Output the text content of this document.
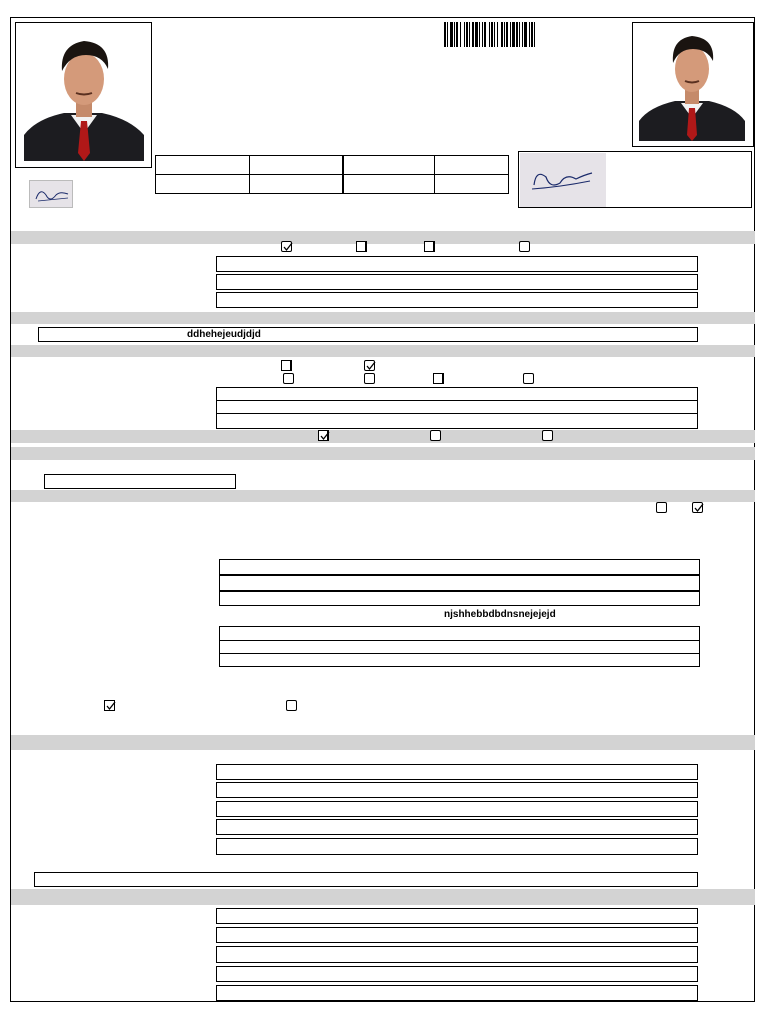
ddhehejeudjdjd
njshhebbdbdnsnejejejd
